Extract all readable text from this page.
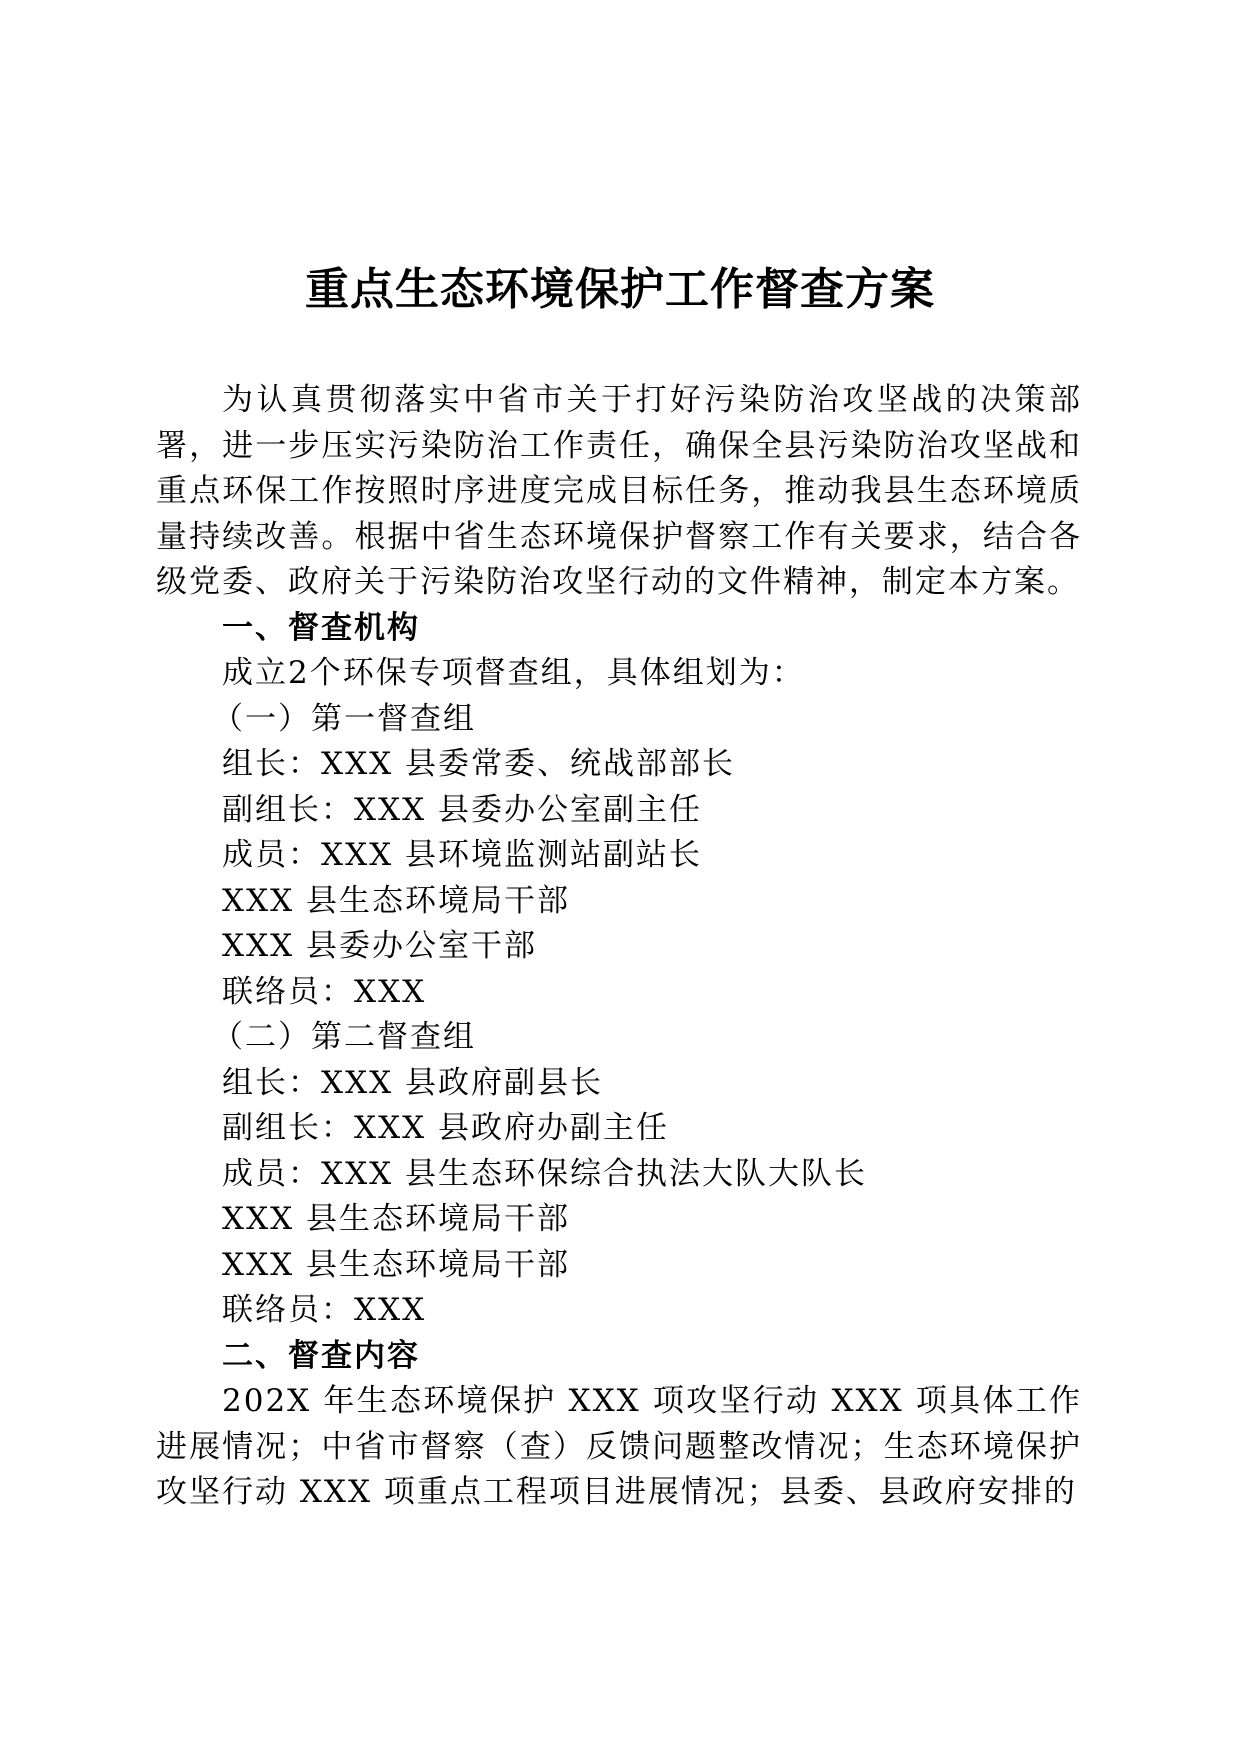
重点生态环境保护工作督查方案

为认真贯彻落实中省市关于打好污染防治攻坚战的决策部署，进一步压实污染防治工作责任，确保全县污染防治攻坚战和重点环保工作按照时序进度完成目标任务，推动我县生态环境质量持续改善。根据中省生态环境保护督察工作有关要求，结合各级党委、政府关于污染防治攻坚行动的文件精神，制定本方案。

一、督查机构

成立2个环保专项督查组，具体组划为：

（一）第一督查组

组长：XXX 县委常委、统战部部长

副组长：XXX 县委办公室副主任

成员：XXX 县环境监测站副站长

XXX 县生态环境局干部

XXX 县委办公室干部

联络员：XXX

（二）第二督查组

组长：XXX 县政府副县长

副组长：XXX 县政府办副主任

成员：XXX 县生态环保综合执法大队大队长

XXX 县生态环境局干部

XXX 县生态环境局干部

联络员：XXX

二、督查内容

202X 年生态环境保护 XXX 项攻坚行动 XXX 项具体工作进展情况；中省市督察（查）反馈问题整改情况；生态环境保护攻坚行动 XXX 项重点工程项目进展情况；县委、县政府安排的
